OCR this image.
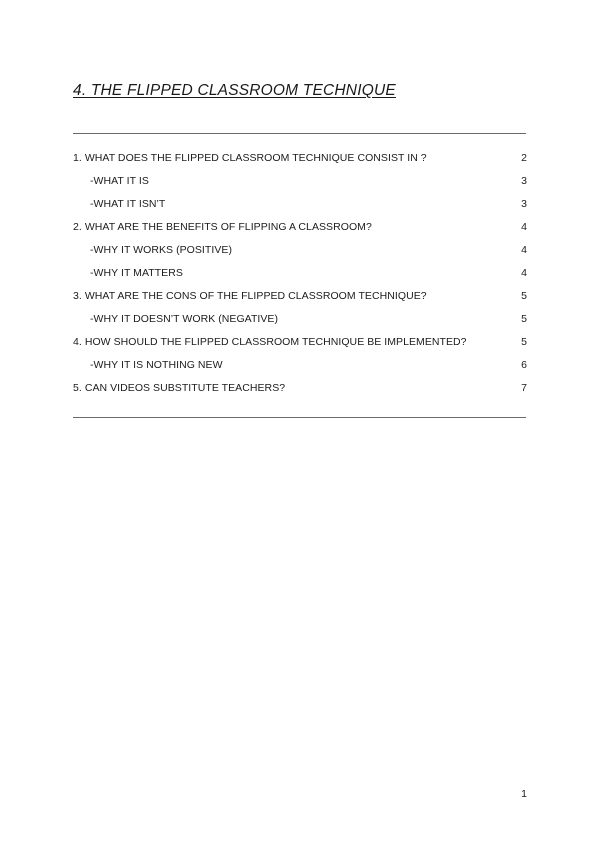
4. THE FLIPPED CLASSROOM TECHNIQUE
1. WHAT DOES THE FLIPPED CLASSROOM TECHNIQUE CONSIST IN ?	2
-WHAT IT IS	3
-WHAT IT ISN’T	3
2. WHAT ARE THE BENEFITS OF FLIPPING A CLASSROOM?	4
-WHY IT WORKS (POSITIVE)	4
-WHY IT MATTERS	4
3. WHAT ARE THE CONS OF THE FLIPPED CLASSROOM TECHNIQUE?	5
-WHY IT DOESN’T WORK (NEGATIVE)	5
4. HOW SHOULD THE FLIPPED CLASSROOM TECHNIQUE BE IMPLEMENTED?	5
-WHY IT IS NOTHING NEW	6
5. CAN VIDEOS SUBSTITUTE TEACHERS?	7
1
